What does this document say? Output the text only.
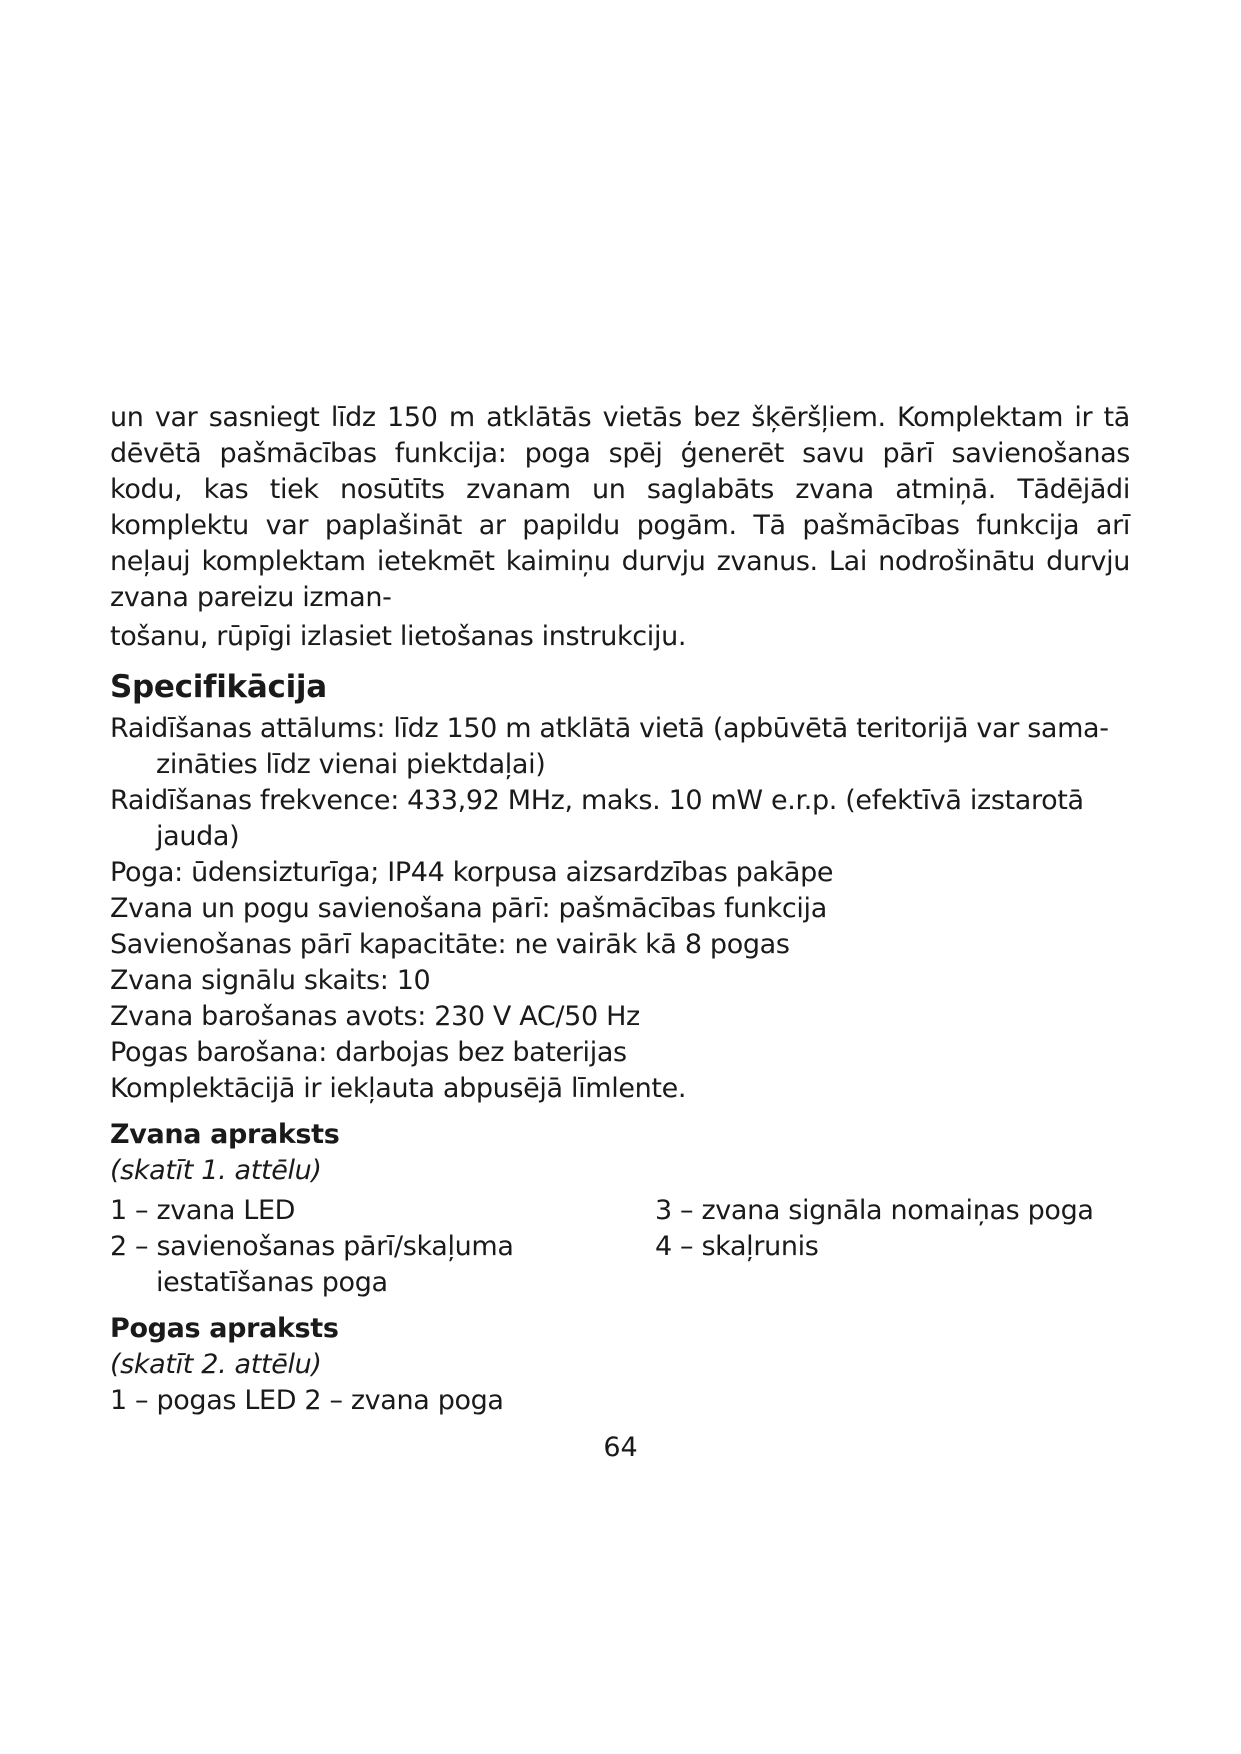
un var sasniegt līdz 150 m atklātās vietās bez šķēršļiem. Komplektam ir tā dēvētā pašmācības funkcija: poga spēj ģenerēt savu pārī savienošanas kodu, kas tiek nosūtīts zvanam un saglabāts zvana atmiņā. Tādējādi komplektu var paplašināt ar papildu pogām. Tā pašmācības funkcija arī neļauj komplektam ietekmēt kaimiņu durvju zvanus. Lai nodrošinātu durvju zvana pareizu izman-
tošanu, rūpīgi izlasiet lietošanas instrukciju.

Specifikācija
Raidīšanas attālums: līdz 150 m atklātā vietā (apbūvētā teritorijā var sama-zināties līdz vienai piektdaļai)
Raidīšanas frekvence: 433,92 MHz, maks. 10 mW e.r.p. (efektīvā izstarotā jauda)
Poga: ūdensizturīga; IP44 korpusa aizsardzības pakāpe
Zvana un pogu savienošana pārī: pašmācības funkcija
Savienošanas pārī kapacitāte: ne vairāk kā 8 pogas
Zvana signālu skaits: 10
Zvana barošanas avots: 230 V AC/50 Hz
Pogas barošana: darbojas bez baterijas
Komplektācijā ir iekļauta abpusējā līmlente.
Zvana apraksts
(skatīt 1. attēlu)
1 – zvana LED
2 – savienošanas pārī/skaļuma iestatīšanas poga
3 – zvana signāla nomaiņas poga
4 – skaļrunis
Pogas apraksts
(skatīt 2. attēlu)
1 – pogas LED 2 – zvana poga
64
